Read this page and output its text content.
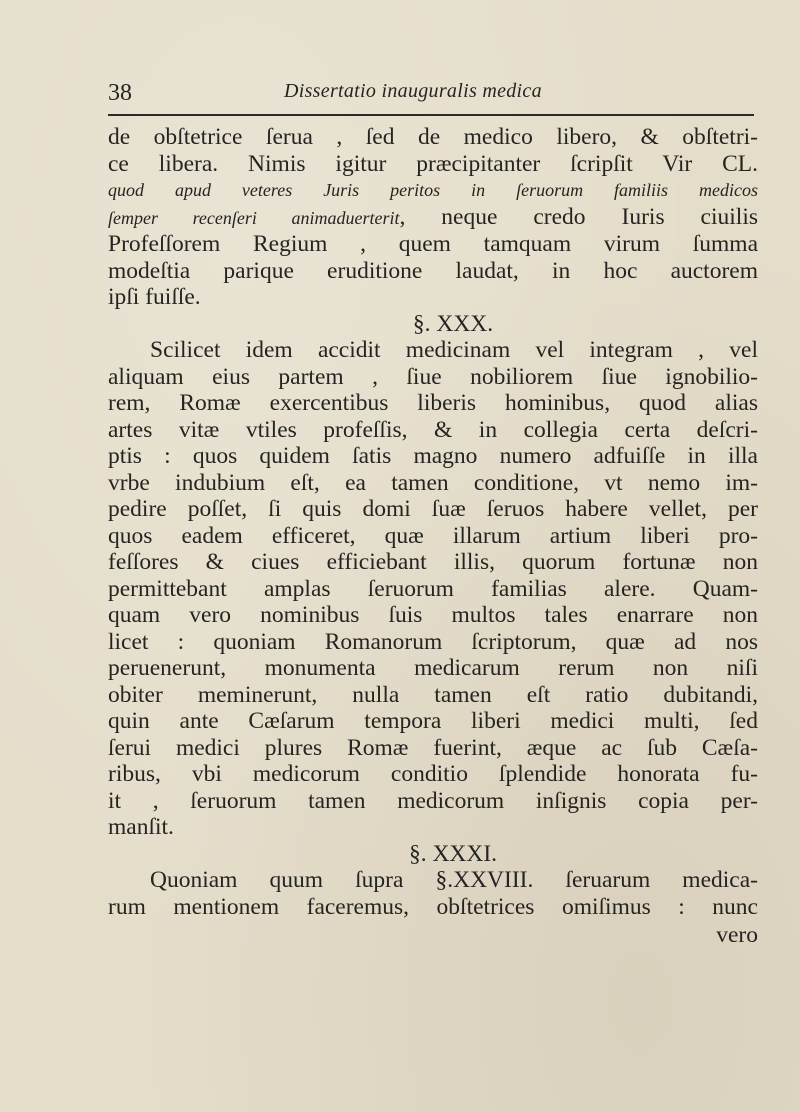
38	Dissertatio inauguralis medica
de obſtetrice ſerua , ſed de medico libero, & obſtetri-
ce libera. Nimis igitur præcipitanter ſcripſit Vir CL.
quod apud veteres Juris peritos in ſeruorum familiis medicos
ſemper recenſeri animaduerterit, neque credo Iuris ciuilis
Profeſſorem Regium , quem tamquam virum ſumma
modeſtia parique eruditione laudat, in hoc auctorem
ipſi fuiſſe.
§. XXX.
Scilicet idem accidit medicinam vel integram , vel
aliquam eius partem , ſiue nobiliorem ſiue ignobilio-
rem, Romæ exercentibus liberis hominibus, quod alias
artes vitæ vtiles profeſſis, & in collegia certa deſcri-
ptis : quos quidem ſatis magno numero adfuiſſe in illa
vrbe indubium eſt, ea tamen conditione, vt nemo im-
pedire poſſet, ſi quis domi ſuæ ſeruos habere vellet, per
quos eadem efficeret, quæ illarum artium liberi pro-
feſſores & ciues efficiebant illis, quorum fortunæ non
permittebant amplas ſeruorum familias alere. Quam-
quam vero nominibus ſuis multos tales enarrare non
licet : quoniam Romanorum ſcriptorum, quæ ad nos
peruenerunt, monumenta medicarum rerum non niſi
obiter meminerunt, nulla tamen eſt ratio dubitandi,
quin ante Cæſarum tempora liberi medici multi, ſed
ſerui medici plures Romæ fuerint, æque ac ſub Cæſa-
ribus, vbi medicorum conditio ſplendide honorata fu-
it , ſeruorum tamen medicorum inſignis copia per-
manſit.
§. XXXI.
Quoniam quum ſupra §.XXVIII. ſeruarum medica-
rum mentionem faceremus, obſtetrices omiſimus : nunc
vero
